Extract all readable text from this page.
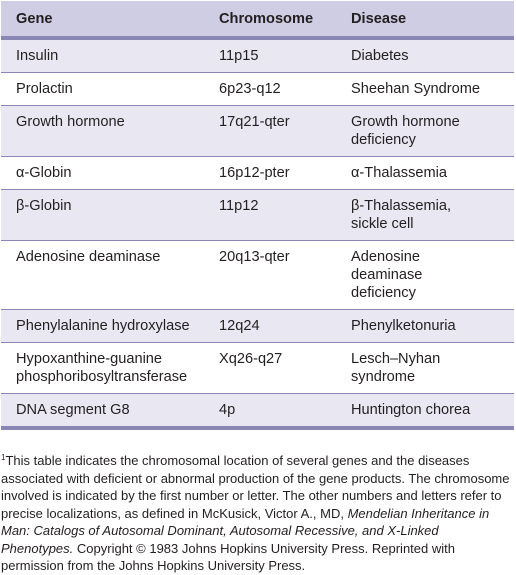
Gene	Chromosome	Disease
Insulin	11p15	Diabetes
Prolactin	6p23-q12	Sheehan Syndrome
Growth hormone	17q21-qter	Growth hormone
deficiency
α-Globin	16p12-pter	α-Thalassemia
β-Globin	11p12	β-Thalassemia,
sickle cell
Adenosine deaminase	20q13-qter	Adenosine
deaminase
deficiency
Phenylalanine hydroxylase	12q24	Phenylketonuria
Hypoxanthine-guanine
phosphoribosyltransferase	Xq26-q27	Lesch–Nyhan
syndrome
DNA segment G8	4p	Huntington chorea

$^1$This table indicates the chromosomal location of several genes and the diseases associated with deficient or abnormal production of the gene products. The chromosome involved is indicated by the first number or letter. The other numbers and letters refer to precise localizations, as defined in McKusick, Victor A., MD, Mendelian Inheritance in Man: Catalogs of Autosomal Dominant, Autosomal Recessive, and X-Linked Phenotypes. Copyright © 1983 Johns Hopkins University Press. Reprinted with permission from the Johns Hopkins University Press.
